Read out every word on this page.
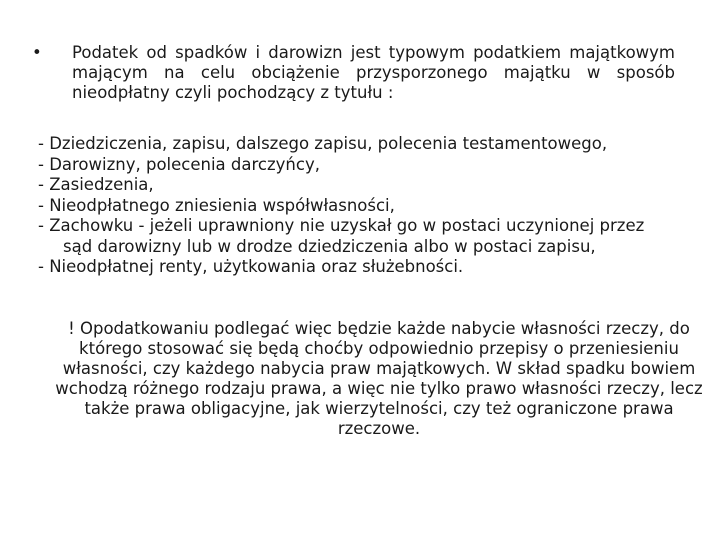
•	Podatek od spadków i darowizn jest typowym podatkiem majątkowym mającym na celu obciążenie przysporzonego majątku w sposób nieodpłatny czyli pochodzący z tytułu :
- Dziedziczenia, zapisu, dalszego zapisu, polecenia testamentowego,
- Darowizny, polecenia darczyńcy,
- Zasiedzenia,
- Nieodpłatnego zniesienia współwłasności,
- Zachowku - jeżeli uprawniony nie uzyskał go w postaci uczynionej przez sąd darowizny lub w drodze dziedziczenia albo w postaci zapisu,
- Nieodpłatnej renty, użytkowania oraz służebności.
! Opodatkowaniu podlegać więc będzie każde nabycie własności rzeczy, do którego stosować się będą choćby odpowiednio przepisy o przeniesieniu własności, czy każdego nabycia praw majątkowych. W skład spadku bowiem wchodzą różnego rodzaju prawa, a więc nie tylko prawo własności rzeczy, lecz także prawa obligacyjne, jak wierzytelności, czy też ograniczone prawa rzeczowe.
